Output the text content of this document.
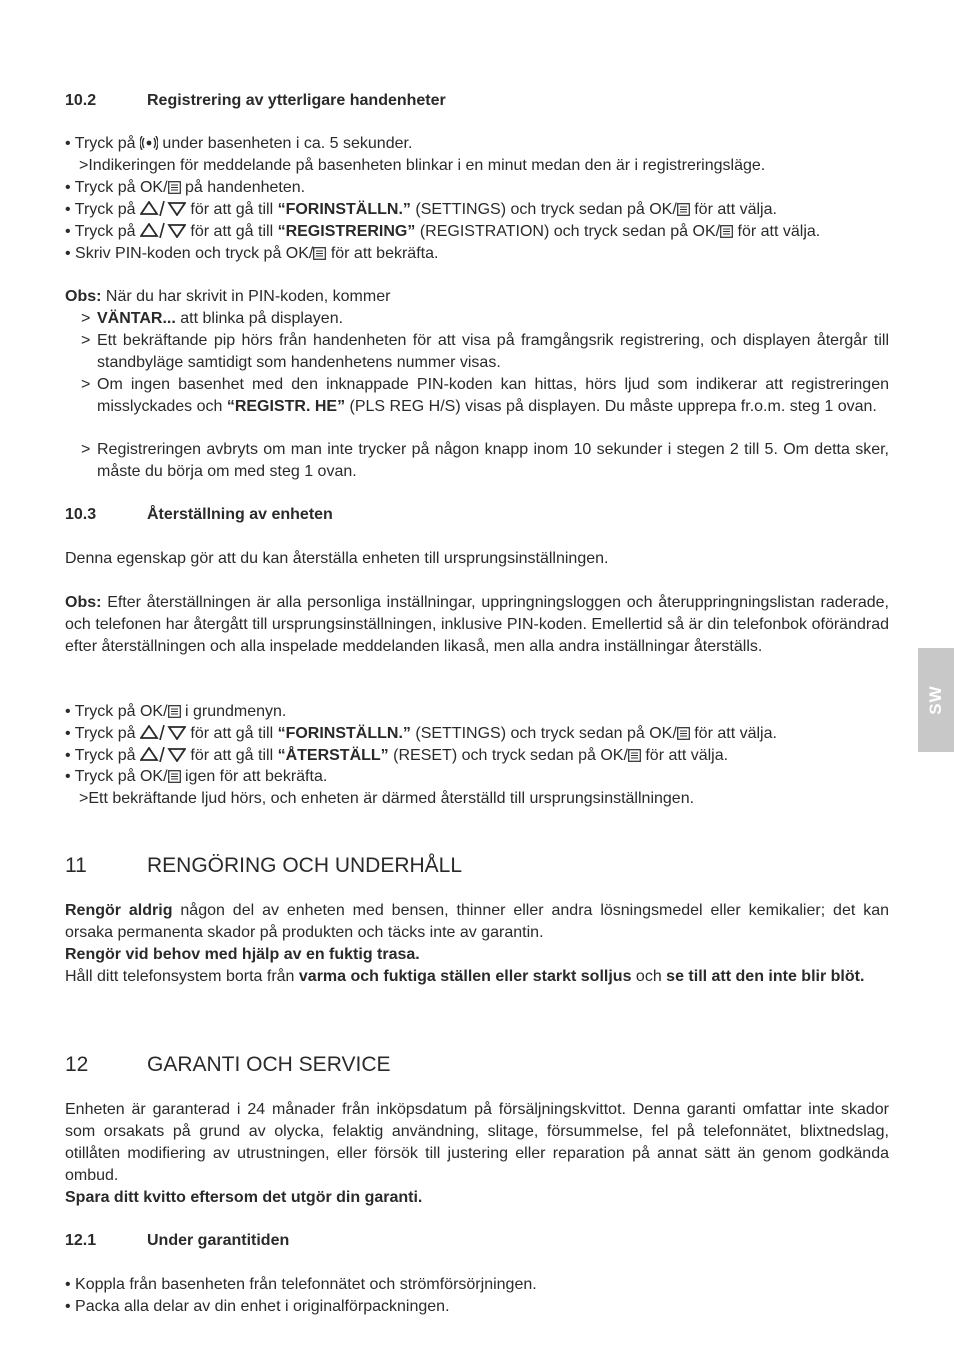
10.2	Registrering av ytterligare handenheter
• Tryck på under basenheten i ca. 5 sekunder.
>Indikeringen för meddelande på basenheten blinkar i en minut medan den är i registreringsläge.
• Tryck på OK/ på handenheten.
• Tryck på	för att gå till “FORINSTÄLLN.” (SETTINGS) och tryck sedan på OK/ för att välja.
• Tryck på	för att gå till “REGISTRERING” (REGISTRATION) och tryck sedan på OK/ för att välja.
• Skriv PIN-koden och tryck på OK/ för att bekräfta.
Obs: När du har skrivit in PIN-koden, kommer
> VÄNTAR... att blinka på displayen.
> Ett bekräftande pip hörs från handenheten för att visa på framgångsrik registrering, och displayen återgår till standbyläge samtidigt som handenhetens nummer visas.
> Om ingen basenhet med den inknappade PIN-koden kan hittas, hörs ljud som indikerar att registreringen misslyckades och “REGISTR. HE” (PLS REG H/S) visas på displayen. Du måste upprepa fr.o.m. steg 1 ovan.
> Registreringen avbryts om man inte trycker på någon knapp inom 10 sekunder i stegen 2 till 5. Om detta sker, måste du börja om med steg 1 ovan.
10.3	Återställning av enheten
Denna egenskap gör att du kan återställa enheten till ursprungsinställningen.
Obs: Efter återställningen är alla personliga inställningar, uppringningsloggen och återuppringningslistan raderade, och telefonen har återgått till ursprungsinställningen, inklusive PIN-koden. Emellertid så är din telefonbok oförändrad efter återställningen och alla inspelade meddelanden likaså, men alla andra inställningar återställs.
• Tryck på OK/ i grundmenyn.
• Tryck på	för att gå till “FORINSTÄLLN.” (SETTINGS) och tryck sedan på OK/ för att välja.
• Tryck på	för att gå till “ÅTERSTÄLL” (RESET) och tryck sedan på OK/ för att välja.
• Tryck på OK/ igen för att bekräfta.
>Ett bekräftande ljud hörs, och enheten är därmed återställd till ursprungsinställningen.
11	RENGÖRING OCH UNDERHÅLL
Rengör aldrig någon del av enheten med bensen, thinner eller andra lösningsmedel eller kemikalier; det kan orsaka permanenta skador på produkten och täcks inte av garantin.
Rengör vid behov med hjälp av en fuktig trasa.
Håll ditt telefonsystem borta från varma och fuktiga ställen eller starkt solljus och se till att den inte blir blöt.
12	GARANTI OCH SERVICE
Enheten är garanterad i 24 månader från inköpsdatum på försäljningskvittot. Denna garanti omfattar inte skador som orsakats på grund av olycka, felaktig användning, slitage, försummelse, fel på telefonnätet, blixtnedslag, otillåten modifiering av utrustningen, eller försök till justering eller reparation på annat sätt än genom godkända ombud.
Spara ditt kvitto eftersom det utgör din garanti.
12.1	Under garantitiden
• Koppla från basenheten från telefonnätet och strömförsörjningen.
• Packa alla delar av din enhet i originalförpackningen.
SW
